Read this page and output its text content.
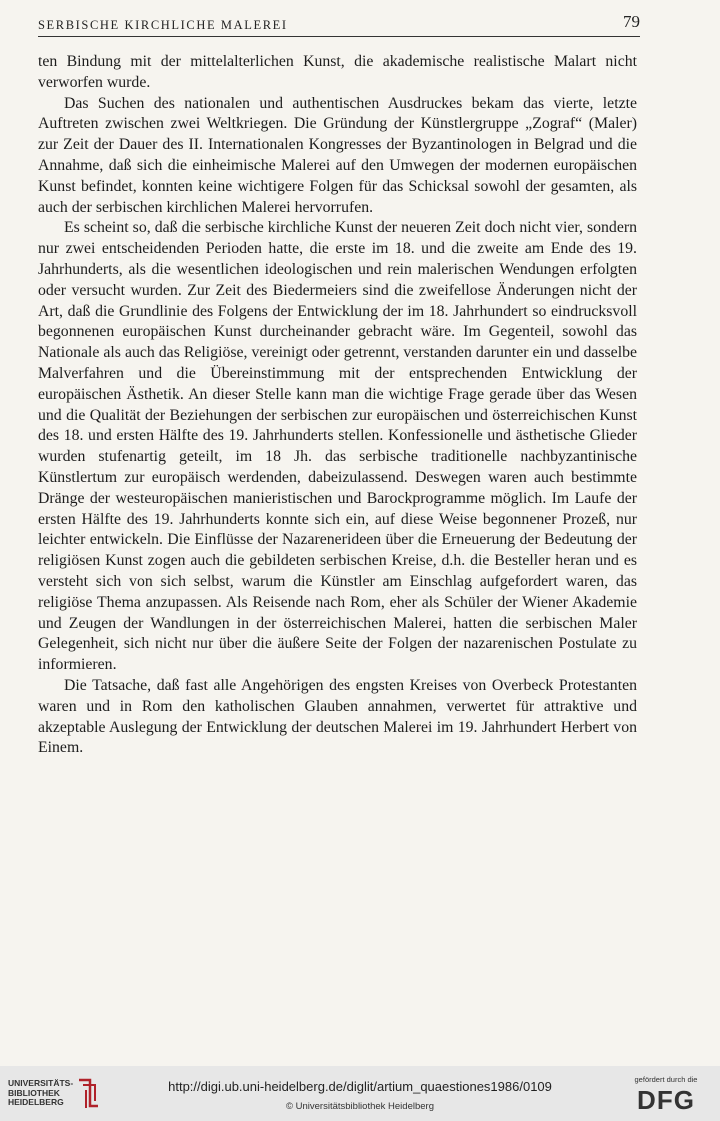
SERBISCHE KIRCHLICHE MALEREI	79

ten Bindung mit der mittelalterlichen Kunst, die akademische realistische Malart nicht verworfen wurde.

Das Suchen des nationalen und authentischen Ausdruckes bekam das vierte, letzte Auftreten zwischen zwei Weltkriegen. Die Gründung der Künstlergruppe „Zograf“ (Maler) zur Zeit der Dauer des II. Internationalen Kongresses der Byzantinologen in Belgrad und die Annahme, daß sich die einheimische Malerei auf den Umwegen der modernen europäischen Kunst befindet, konnten keine wichtigere Folgen für das Schicksal sowohl der gesamten, als auch der serbischen kirchlichen Malerei hervorrufen.

Es scheint so, daß die serbische kirchliche Kunst der neueren Zeit doch nicht vier, sondern nur zwei entscheidenden Perioden hatte, die erste im 18. und die zweite am Ende des 19. Jahrhunderts, als die wesentlichen ideologischen und rein malerischen Wendungen erfolgten oder versucht wurden. Zur Zeit des Biedermeiers sind die zweifellose Änderungen nicht der Art, daß die Grundlinie des Folgens der Entwicklung der im 18. Jahrhundert so eindrucksvoll begonnenen europäischen Kunst durcheinander gebracht wäre. Im Gegenteil, sowohl das Nationale als auch das Religiöse, vereinigt oder getrennt, verstanden darunter ein und dasselbe Malverfahren und die Übereinstimmung mit der entsprechenden Entwicklung der europäischen Ästhetik. An dieser Stelle kann man die wichtige Frage gerade über das Wesen und die Qualität der Beziehungen der serbischen zur europäischen und österreichischen Kunst des 18. und ersten Hälfte des 19. Jahrhunderts stellen. Konfessionelle und ästhetische Glieder wurden stufenartig geteilt, im 18 Jh. das serbische traditionelle nachbyzantinische Künstlertum zur europäisch werdenden, dabeizulassend. Deswegen waren auch bestimmte Dränge der westeuropäischen manieristischen und Barockprogramme möglich. Im Laufe der ersten Hälfte des 19. Jahrhunderts konnte sich ein, auf diese Weise begonnener Prozeß, nur leichter entwickeln. Die Einflüsse der Nazarenerideen über die Erneuerung der Bedeutung der religiösen Kunst zogen auch die gebildeten serbischen Kreise, d.h. die Besteller heran und es versteht sich von sich selbst, warum die Künstler am Einschlag aufgefordert waren, das religiöse Thema anzupassen. Als Reisende nach Rom, eher als Schüler der Wiener Akademie und Zeugen der Wandlungen in der österreichischen Malerei, hatten die serbischen Maler Gelegenheit, sich nicht nur über die äußere Seite der Folgen der nazarenischen Postulate zu informieren.

Die Tatsache, daß fast alle Angehörigen des engsten Kreises von Overbeck Protestanten waren und in Rom den katholischen Glauben annahmen, verwertet für attraktive und akzeptable Auslegung der Entwicklung der deutschen Malerei im 19. Jahrhundert Herbert von Einem.

UNIVERSITÄTS-
BIBLIOTHEK
HEIDELBERG
http://digi.ub.uni-heidelberg.de/diglit/artium_quaestiones1986/0109
© Universitätsbibliothek Heidelberg
gefördert durch die
DFG
